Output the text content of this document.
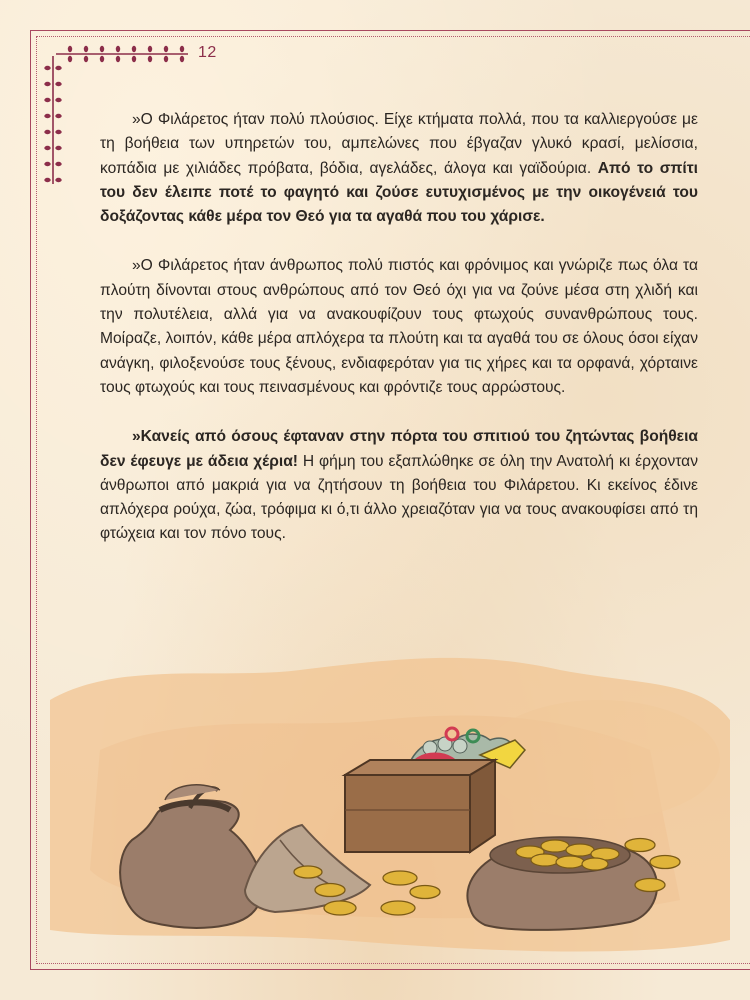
12

»Ο Φιλάρετος ήταν πολύ πλούσιος. Είχε κτήματα πολλά, που τα καλλιεργούσε με τη βοήθεια των υπηρετών του, αμπελώνες που έβγαζαν γλυκό κρασί, μελίσσια, κοπάδια με χιλιάδες πρόβατα, βόδια, αγελάδες, άλογα και γαϊδούρια. Από το σπίτι του δεν έλειπε ποτέ το φαγητό και ζούσε ευτυχισμένος με την οικογένειά του δοξάζοντας κάθε μέρα τον Θεό για τα αγαθά που του χάρισε.

»Ο Φιλάρετος ήταν άνθρωπος πολύ πιστός και φρόνιμος και γνώριζε πως όλα τα πλούτη δίνονται στους ανθρώπους από τον Θεό όχι για να ζούνε μέσα στη χλιδή και την πολυτέλεια, αλλά για να ανακουφίζουν τους φτωχούς συνανθρώπους τους. Μοίραζε, λοιπόν, κάθε μέρα απλόχερα τα πλούτη και τα αγαθά του σε όλους όσοι είχαν ανάγκη, φιλοξενούσε τους ξένους, ενδιαφερόταν για τις χήρες και τα ορφανά, χόρταινε τους φτωχούς και τους πεινασμένους και φρόντιζε τους αρρώστους.

»Κανείς από όσους έφταναν στην πόρτα του σπιτιού του ζητώντας βοήθεια δεν έφευγε με άδεια χέρια! Η φήμη του εξαπλώθηκε σε όλη την Ανατολή κι έρχονταν άνθρωποι από μακριά για να ζητήσουν τη βοήθεια του Φιλάρετου. Κι εκείνος έδινε απλόχερα ρούχα, ζώα, τρόφιμα κι ό,τι άλλο χρειαζόταν για να τους ανακουφίσει από τη φτώχεια και τον πόνο τους.
